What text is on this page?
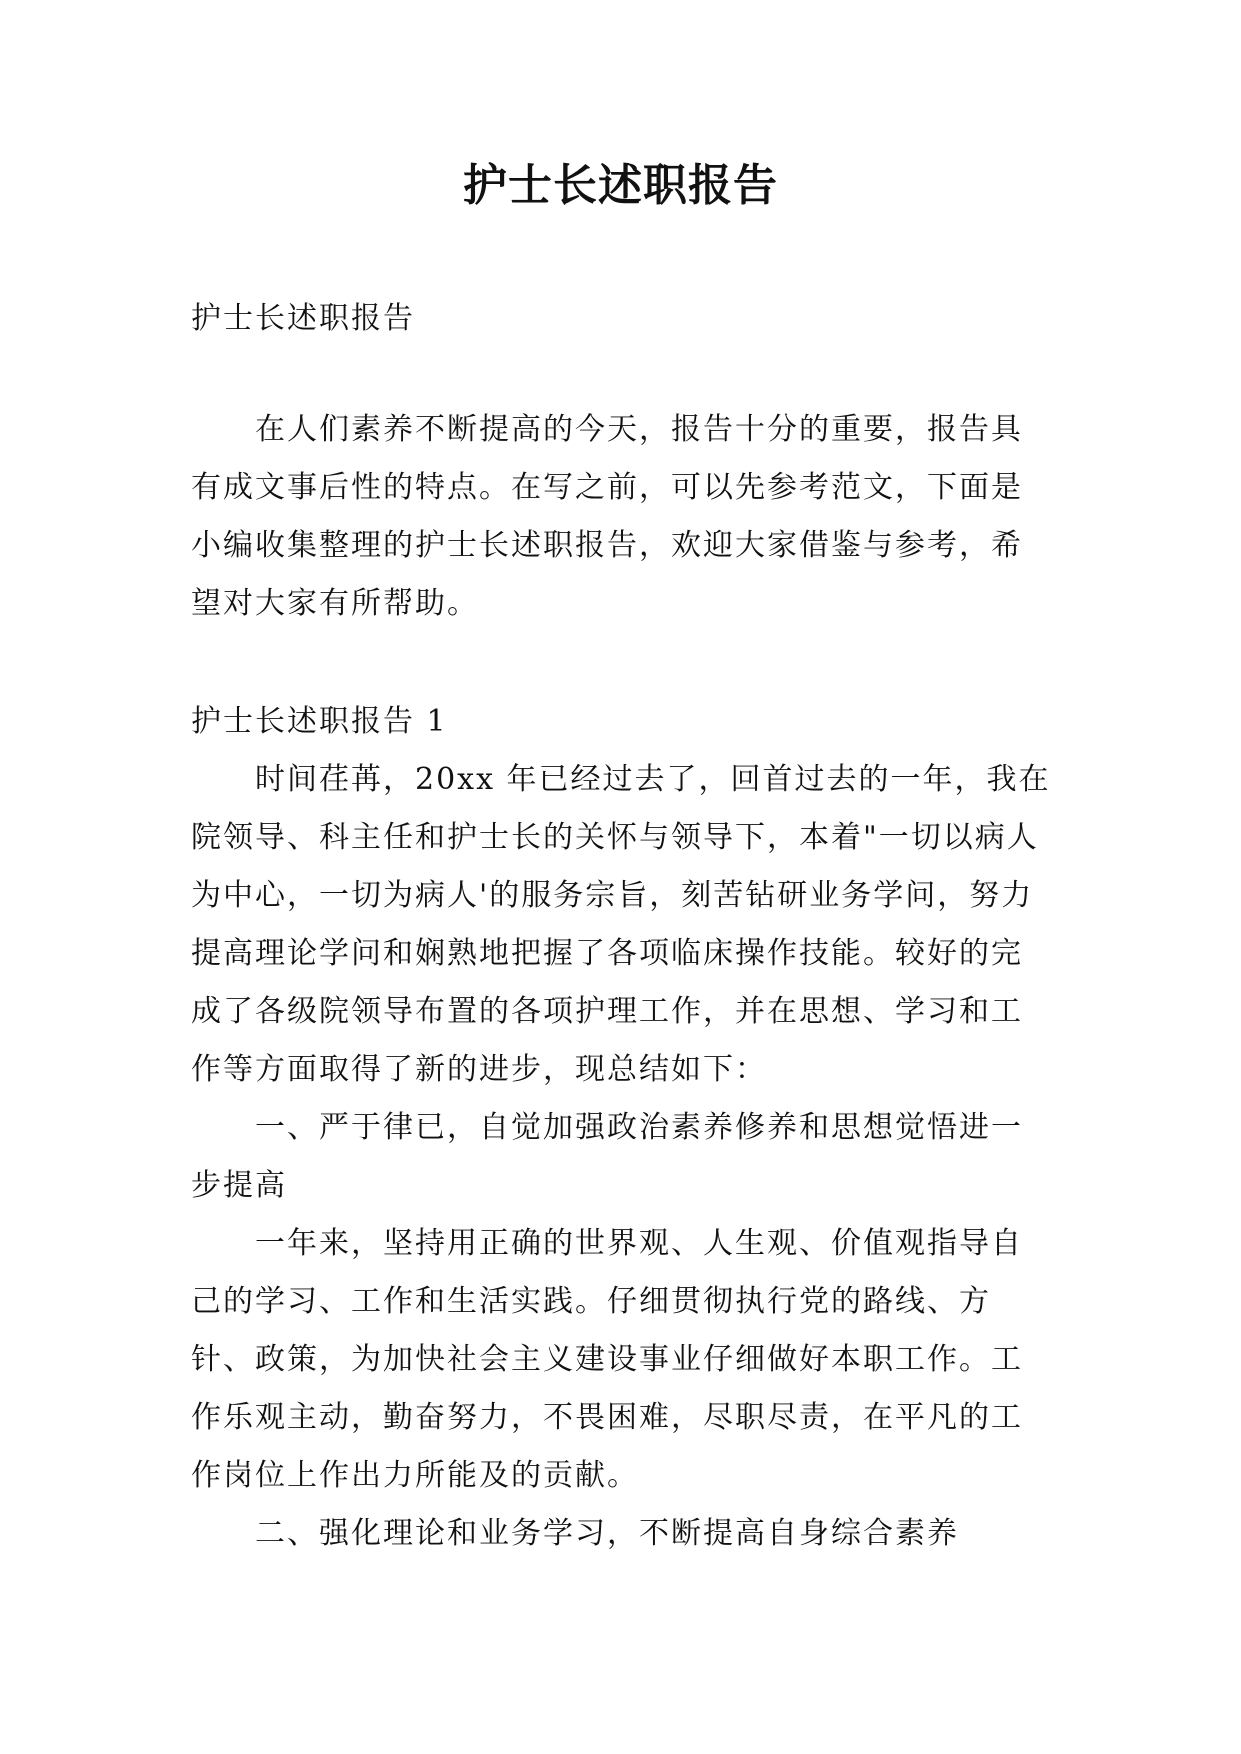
护士长述职报告
护士长述职报告
在人们素养不断提高的今天，报告十分的重要，报告具有成文事后性的特点。在写之前，可以先参考范文，下面是小编收集整理的护士长述职报告，欢迎大家借鉴与参考，希望对大家有所帮助。

护士长述职报告 1

时间荏苒，20xx 年已经过去了，回首过去的一年，我在院领导、科主任和护士长的关怀与领导下，本着"一切以病人为中心，一切为病人'的服务宗旨，刻苦钻研业务学问，努力提高理论学问和娴熟地把握了各项临床操作技能。较好的完成了各级院领导布置的各项护理工作，并在思想、学习和工作等方面取得了新的进步，现总结如下：

一、严于律已，自觉加强政治素养修养和思想觉悟进一步提高

一年来，坚持用正确的世界观、人生观、价值观指导自己的学习、工作和生活实践。仔细贯彻执行党的路线、方针、政策，为加快社会主义建设事业仔细做好本职工作。工作乐观主动，勤奋努力，不畏困难，尽职尽责，在平凡的工作岗位上作出力所能及的贡献。

二、强化理论和业务学习，不断提高自身综合素养
